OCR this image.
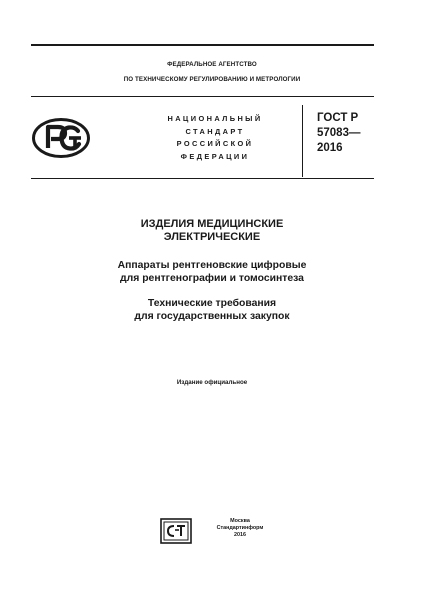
ФЕДЕРАЛЬНОЕ АГЕНТСТВО
ПО ТЕХНИЧЕСКОМУ РЕГУЛИРОВАНИЮ И МЕТРОЛОГИИ
НАЦИОНАЛЬНЫЙ
СТАНДАРТ
РОССИЙСКОЙ
ФЕДЕРАЦИИ
ГОСТ Р
57083—
2016
ИЗДЕЛИЯ МЕДИЦИНСКИЕ
ЭЛЕКТРИЧЕСКИЕ
Аппараты рентгеновские цифровые
для рентгенографии и томосинтеза
Технические требования
для государственных закупок
Издание официальное
Москва
Стандартинформ
2016
